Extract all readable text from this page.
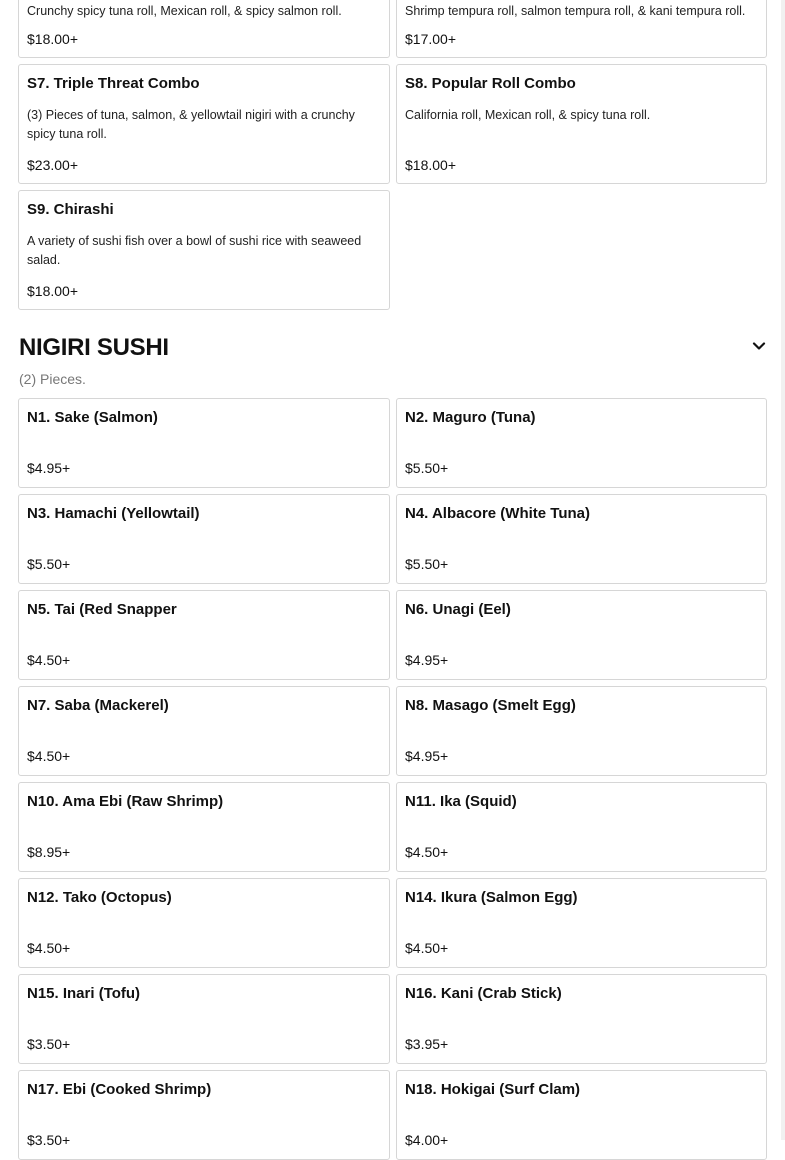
Crunchy spicy tuna roll, Mexican roll, & spicy salmon roll.
$18.00+
Shrimp tempura roll, salmon tempura roll, & kani tempura roll.
$17.00+
S7. Triple Threat Combo
(3) Pieces of tuna, salmon, & yellowtail nigiri with a crunchy spicy tuna roll.
$23.00+
S8. Popular Roll Combo
California roll, Mexican roll, & spicy tuna roll.
$18.00+
S9. Chirashi
A variety of sushi fish over a bowl of sushi rice with seaweed salad.
$18.00+
NIGIRI SUSHI
(2) Pieces.
N1. Sake (Salmon)
$4.95+
N2. Maguro (Tuna)
$5.50+
N3. Hamachi (Yellowtail)
$5.50+
N4. Albacore (White Tuna)
$5.50+
N5. Tai (Red Snapper
$4.50+
N6. Unagi (Eel)
$4.95+
N7. Saba (Mackerel)
$4.50+
N8. Masago (Smelt Egg)
$4.95+
N10. Ama Ebi (Raw Shrimp)
$8.95+
N11. Ika (Squid)
$4.50+
N12. Tako (Octopus)
$4.50+
N14. Ikura (Salmon Egg)
$4.50+
N15. Inari (Tofu)
$3.50+
N16. Kani (Crab Stick)
$3.95+
N17. Ebi (Cooked Shrimp)
$3.50+
N18. Hokigai (Surf Clam)
$4.00+
